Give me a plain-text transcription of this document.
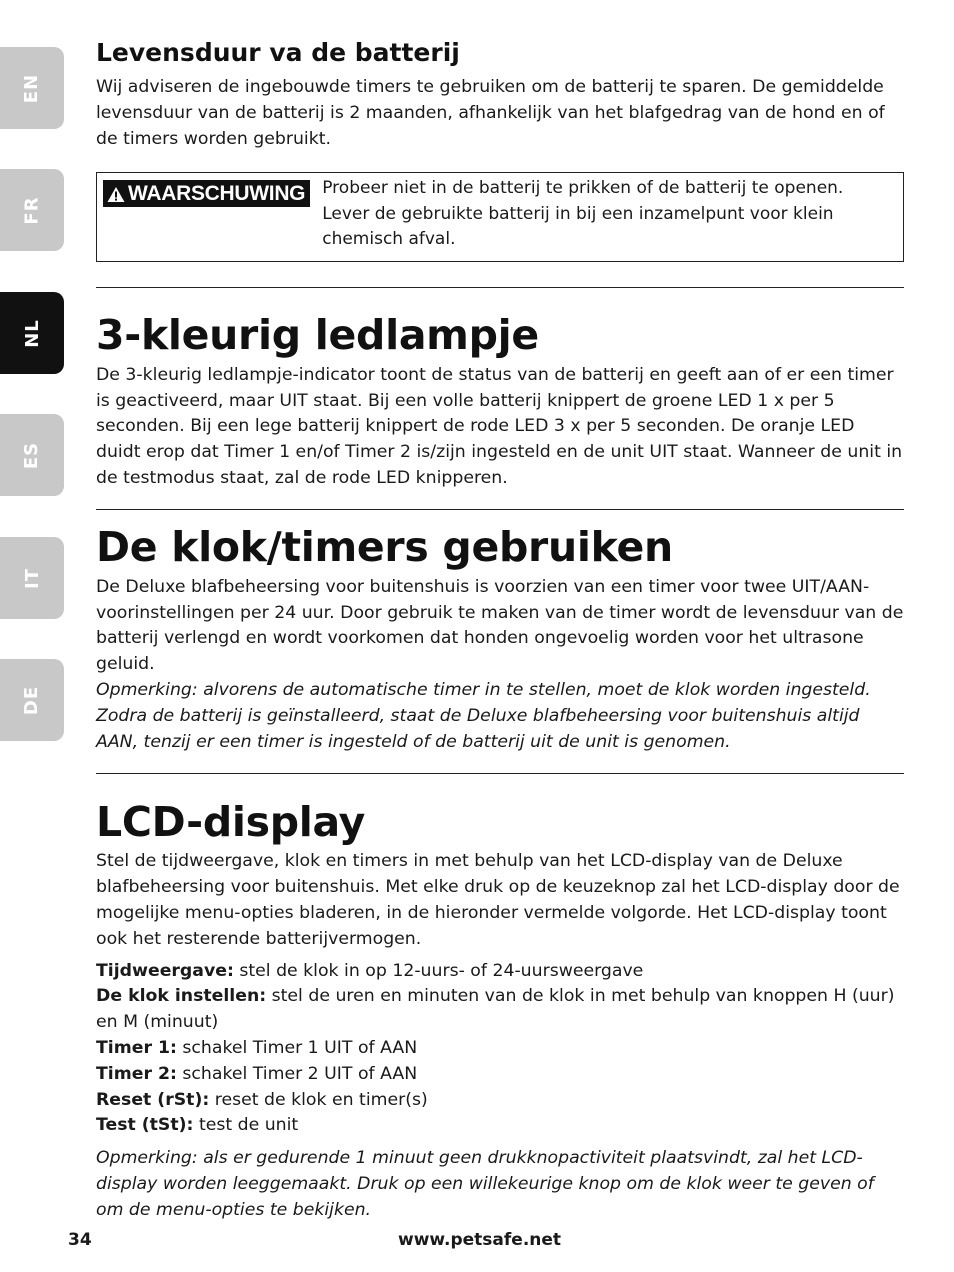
EN
FR
NL
ES
IT
DE
Levensduur va de batterij

Wij adviseren de ingebouwde timers te gebruiken om de batterij te sparen. De gemiddelde levensduur van de batterij is 2 maanden, afhankelijk van het blafgedrag van de hond en of de timers worden gebruikt.

WAARSCHUWING Probeer niet in de batterij te prikken of de batterij te openen. Lever de gebruikte batterij in bij een inzamelpunt voor klein chemisch afval.
3-kleurig ledlampje

De 3-kleurig ledlampje-indicator toont de status van de batterij en geeft aan of er een timer is geactiveerd, maar UIT staat. Bij een volle batterij knippert de groene LED 1 x per 5 seconden. Bij een lege batterij knippert de rode LED 3 x per 5 seconden. De oranje LED duidt erop dat Timer 1 en/of Timer 2 is/zijn ingesteld en de unit UIT staat. Wanneer de unit in de testmodus staat, zal de rode LED knipperen.

De klok/timers gebruiken

De Deluxe blafbeheersing voor buitenshuis is voorzien van een timer voor twee UIT/AAN-voorinstellingen per 24 uur. Door gebruik te maken van de timer wordt de levensduur van de batterij verlengd en wordt voorkomen dat honden ongevoelig worden voor het ultrasone geluid.

Opmerking: alvorens de automatische timer in te stellen, moet de klok worden ingesteld. Zodra de batterij is geïnstalleerd, staat de Deluxe blafbeheersing voor buitenshuis altijd AAN, tenzij er een timer is ingesteld of de batterij uit de unit is genomen.

LCD-display

Stel de tijdweergave, klok en timers in met behulp van het LCD-display van de Deluxe blafbeheersing voor buitenshuis. Met elke druk op de keuzeknop zal het LCD-display door de mogelijke menu-opties bladeren, in de hieronder vermelde volgorde. Het LCD-display toont ook het resterende batterijvermogen.

Tijdweergave: stel de klok in op 12-uurs- of 24-uursweergave

De klok instellen: stel de uren en minuten van de klok in met behulp van knoppen H (uur) en M (minuut)

Timer 1: schakel Timer 1 UIT of AAN

Timer 2: schakel Timer 2 UIT of AAN

Reset (rSt): reset de klok en timer(s)

Test (tSt): test de unit

Opmerking: als er gedurende 1 minuut geen drukknopactiviteit plaatsvindt, zal het LCD-display worden leeggemaakt. Druk op een willekeurige knop om de klok weer te geven of om de menu-opties te bekijken.

34	www.petsafe.net
